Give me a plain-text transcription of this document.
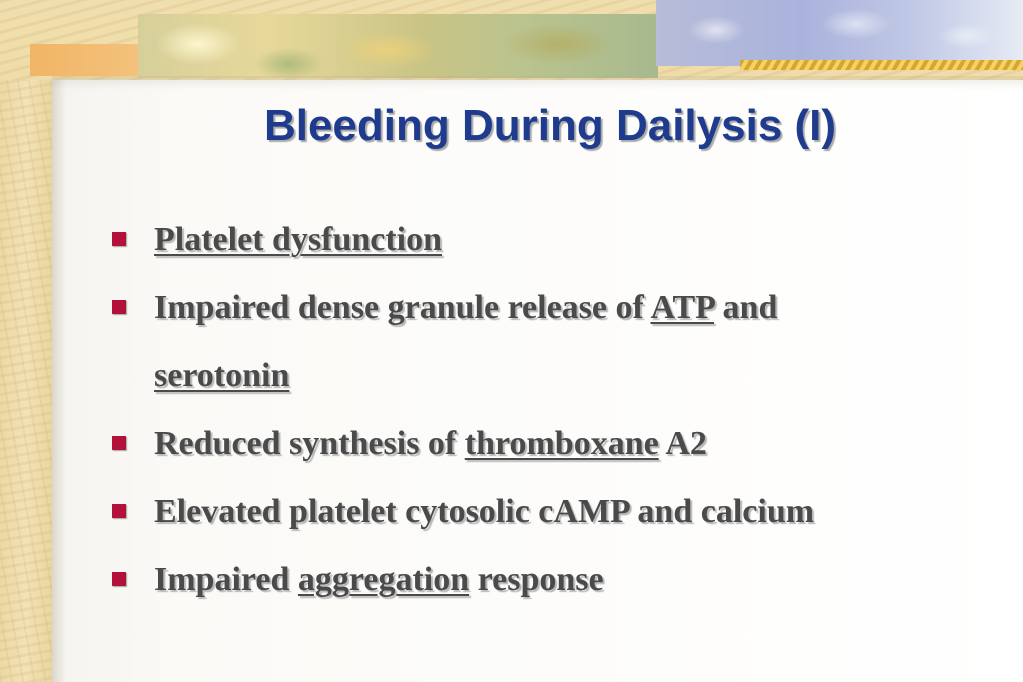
Bleeding During Dailysis (I)
Platelet dysfunction
Impaired dense granule release of ATP and
serotonin
Reduced synthesis of thromboxane A2
Elevated platelet cytosolic cAMP and calcium
Impaired aggregation response
